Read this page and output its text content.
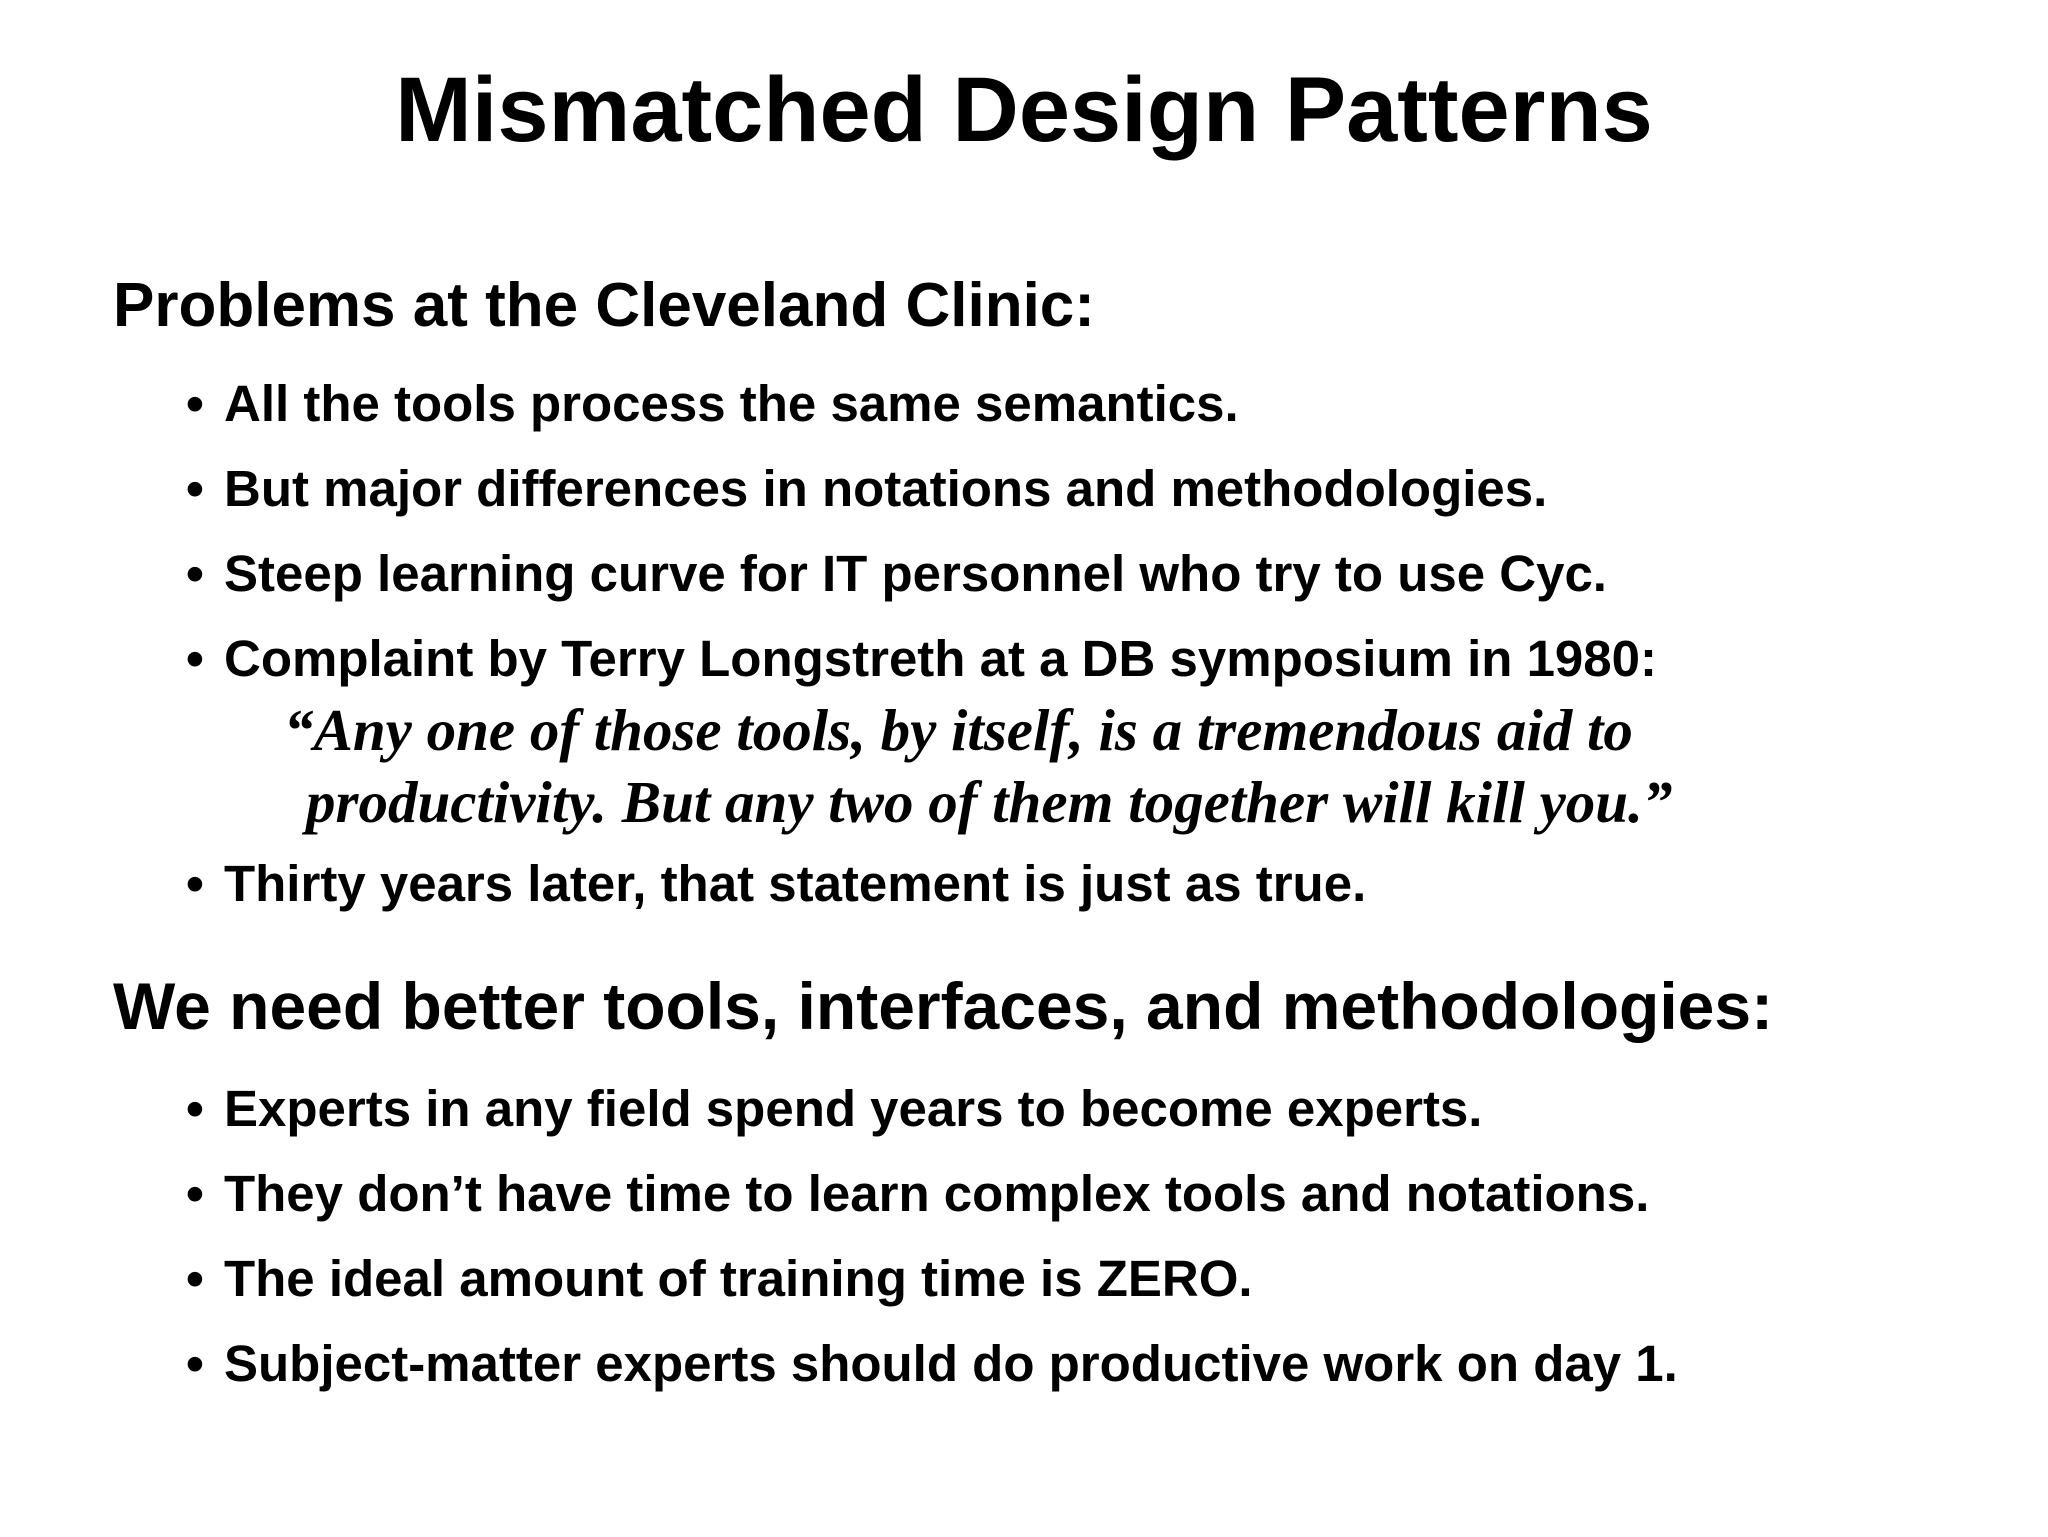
Mismatched Design Patterns
Problems at the Cleveland Clinic:
• All the tools process the same semantics.
• But major differences in notations and methodologies.
• Steep learning curve for IT personnel who try to use Cyc.
• Complaint by Terry Longstreth at a DB symposium in 1980:
“Any one of those tools, by itself, is a tremendous aid to
productivity. But any two of them together will kill you.”
• Thirty years later, that statement is just as true.
We need better tools, interfaces, and methodologies:
• Experts in any field spend years to become experts.
• They don’t have time to learn complex tools and notations.
• The ideal amount of training time is ZERO.
• Subject-matter experts should do productive work on day 1.
